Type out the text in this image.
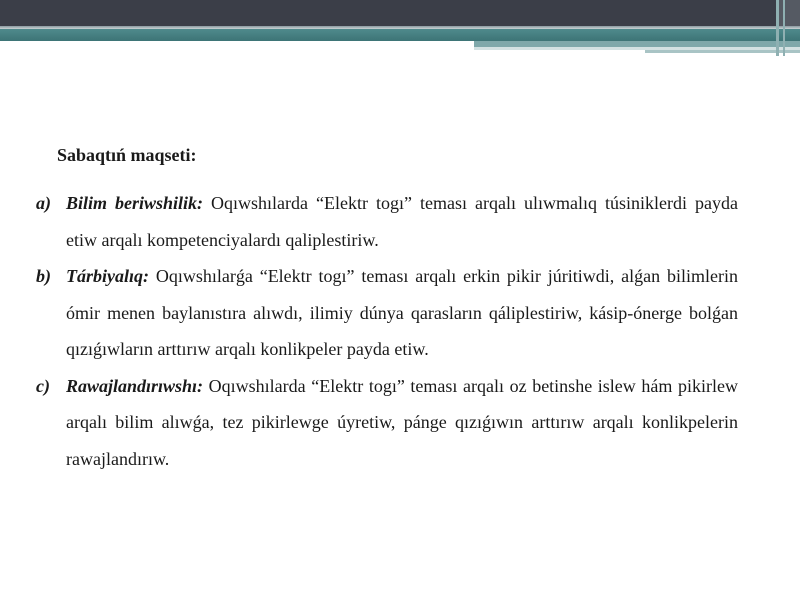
Sabaqtıń maqseti:

a) Bilim beriwshilik: Oqıwshılarda “Elektr togı” teması arqalı ulıwmalıq túsiniklerdi payda etiw arqalı kompetenciyalardı qaliplestiriw.
b) Tárbiyalıq: Oqıwshılarǵa “Elektr togı” teması arqalı erkin pikir júritiwdi, alǵan bilimlerin ómir menen baylanıstıra alıwdı, ilimiy dúnya qarasların qáliplestiriw, kásip-ónerge bolǵan qızıǵıwların arttırıw arqalı konlikpeler payda etiw.
c) Rawajlandırıwshı: Oqıwshılarda “Elektr togı” teması arqalı oz betinshe islew hám pikirlew arqalı bilim alıwǵa, tez pikirlewge úyretiw, pánge qızıǵıwın arttırıw arqalı konlikpelerin rawajlandırıw.
